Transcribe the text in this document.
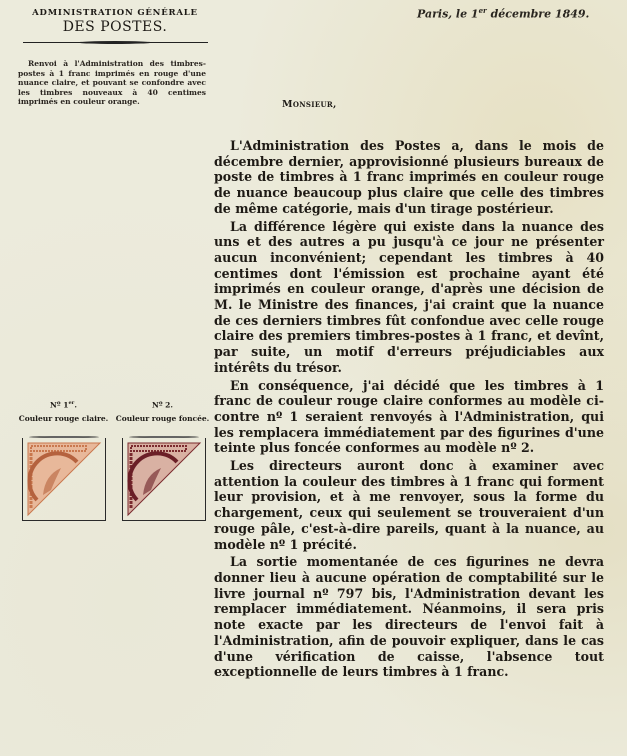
ADMINISTRATION GÉNÉRALE
DES POSTES.

Renvoi à l'Administration des timbres-postes à 1 franc imprimés en rouge d'une nuance claire, et pouvant se confondre avec les timbres nouveaux à 40 centimes imprimés en couleur orange.

Paris, le 1er décembre 1849.
Monsieur,

L'Administration des Postes a, dans le mois de décembre dernier, approvisionné plusieurs bureaux de poste de timbres à 1 franc imprimés en couleur rouge de nuance beaucoup plus claire que celle des timbres de même catégorie, mais d'un tirage postérieur.

La différence légère qui existe dans la nuance des uns et des autres a pu jusqu'à ce jour ne présenter aucun inconvénient; cependant les timbres à 40 centimes dont l'émission est prochaine ayant été imprimés en couleur orange, d'après une décision de M. le Ministre des finances, j'ai craint que la nuance de ces derniers timbres fût confondue avec celle rouge claire des premiers timbres-postes à 1 franc, et devînt, par suite, un motif d'erreurs préjudiciables aux intérêts du trésor.

En conséquence, j'ai décidé que les timbres à 1 franc de couleur rouge claire conformes au modèle ci-contre nº 1 seraient renvoyés à l'Administration, qui les remplacera immédiatement par des figurines d'une teinte plus foncée conformes au modèle nº 2.

Les directeurs auront donc à examiner avec attention la couleur des timbres à 1 franc qui forment leur provision, et à me renvoyer, sous la forme du chargement, ceux qui seulement se trouveraient d'un rouge pâle, c'est-à-dire pareils, quant à la nuance, au modèle nº 1 précité.

La sortie momentanée de ces figurines ne devra donner lieu à aucune opération de comptabilité sur le livre journal nº 797 bis, l'Administration devant les remplacer immédiatement. Néanmoins, il sera pris note exacte par les directeurs de l'envoi fait à l'Administration, afin de pouvoir expliquer, dans le cas d'une vérification de caisse, l'absence tout exceptionnelle de leurs timbres à 1 franc.

Nº 1er.
Couleur rouge claire.
Nº 2.
Couleur rouge foncée.
